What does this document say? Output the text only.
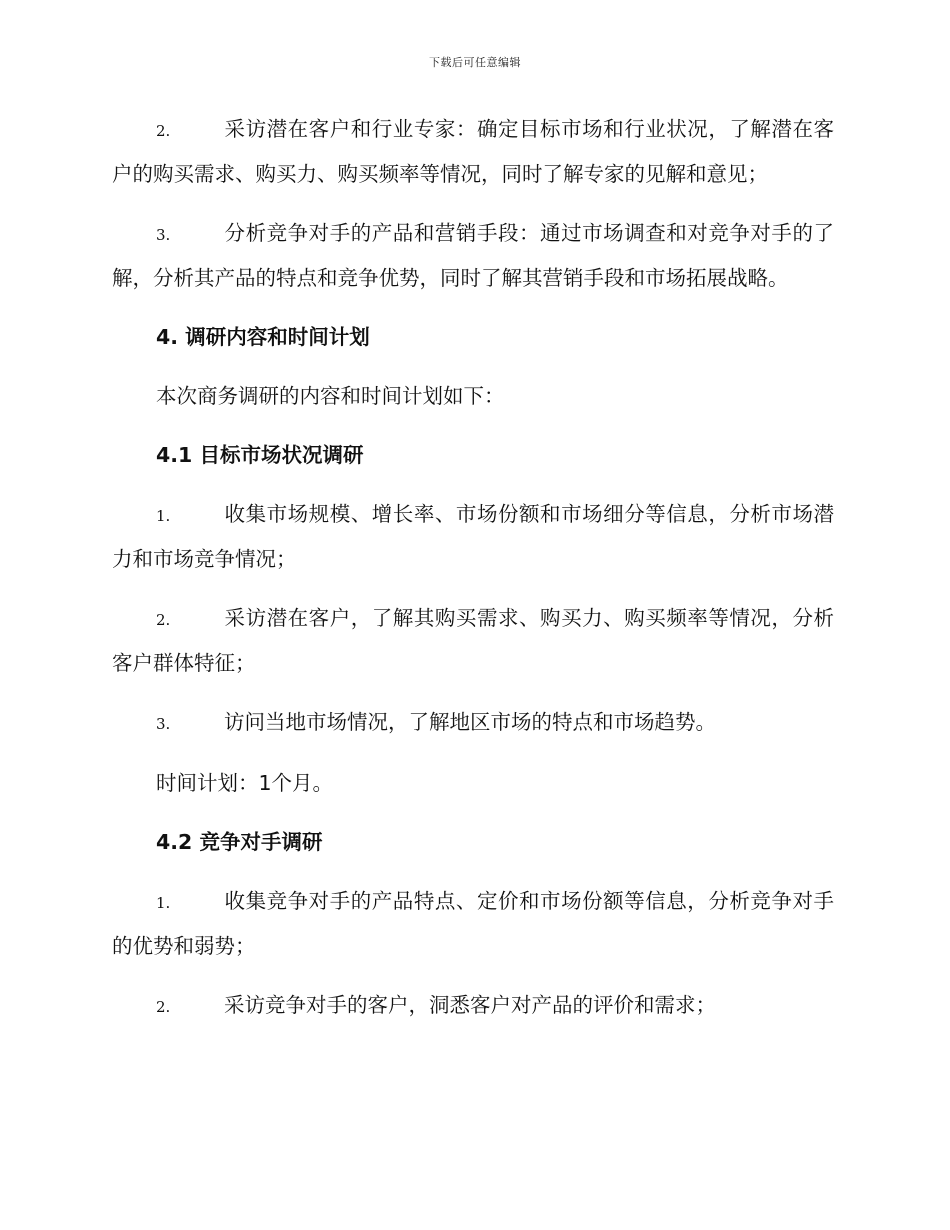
下载后可任意编辑
2.	采访潜在客户和行业专家：确定目标市场和行业状况，了解潜在客户的购买需求、购买力、购买频率等情况，同时了解专家的见解和意见；
3.	分析竞争对手的产品和营销手段：通过市场调查和对竞争对手的了解，分析其产品的特点和竞争优势，同时了解其营销手段和市场拓展战略。
4. 调研内容和时间计划
本次商务调研的内容和时间计划如下：
4.1 目标市场状况调研
1.	收集市场规模、增长率、市场份额和市场细分等信息，分析市场潜力和市场竞争情况；
2.	采访潜在客户，了解其购买需求、购买力、购买频率等情况，分析客户群体特征；
3.	访问当地市场情况，了解地区市场的特点和市场趋势。
时间计划：1个月。
4.2 竞争对手调研
1.	收集竞争对手的产品特点、定价和市场份额等信息，分析竞争对手的优势和弱势；
2.	采访竞争对手的客户，洞悉客户对产品的评价和需求；
